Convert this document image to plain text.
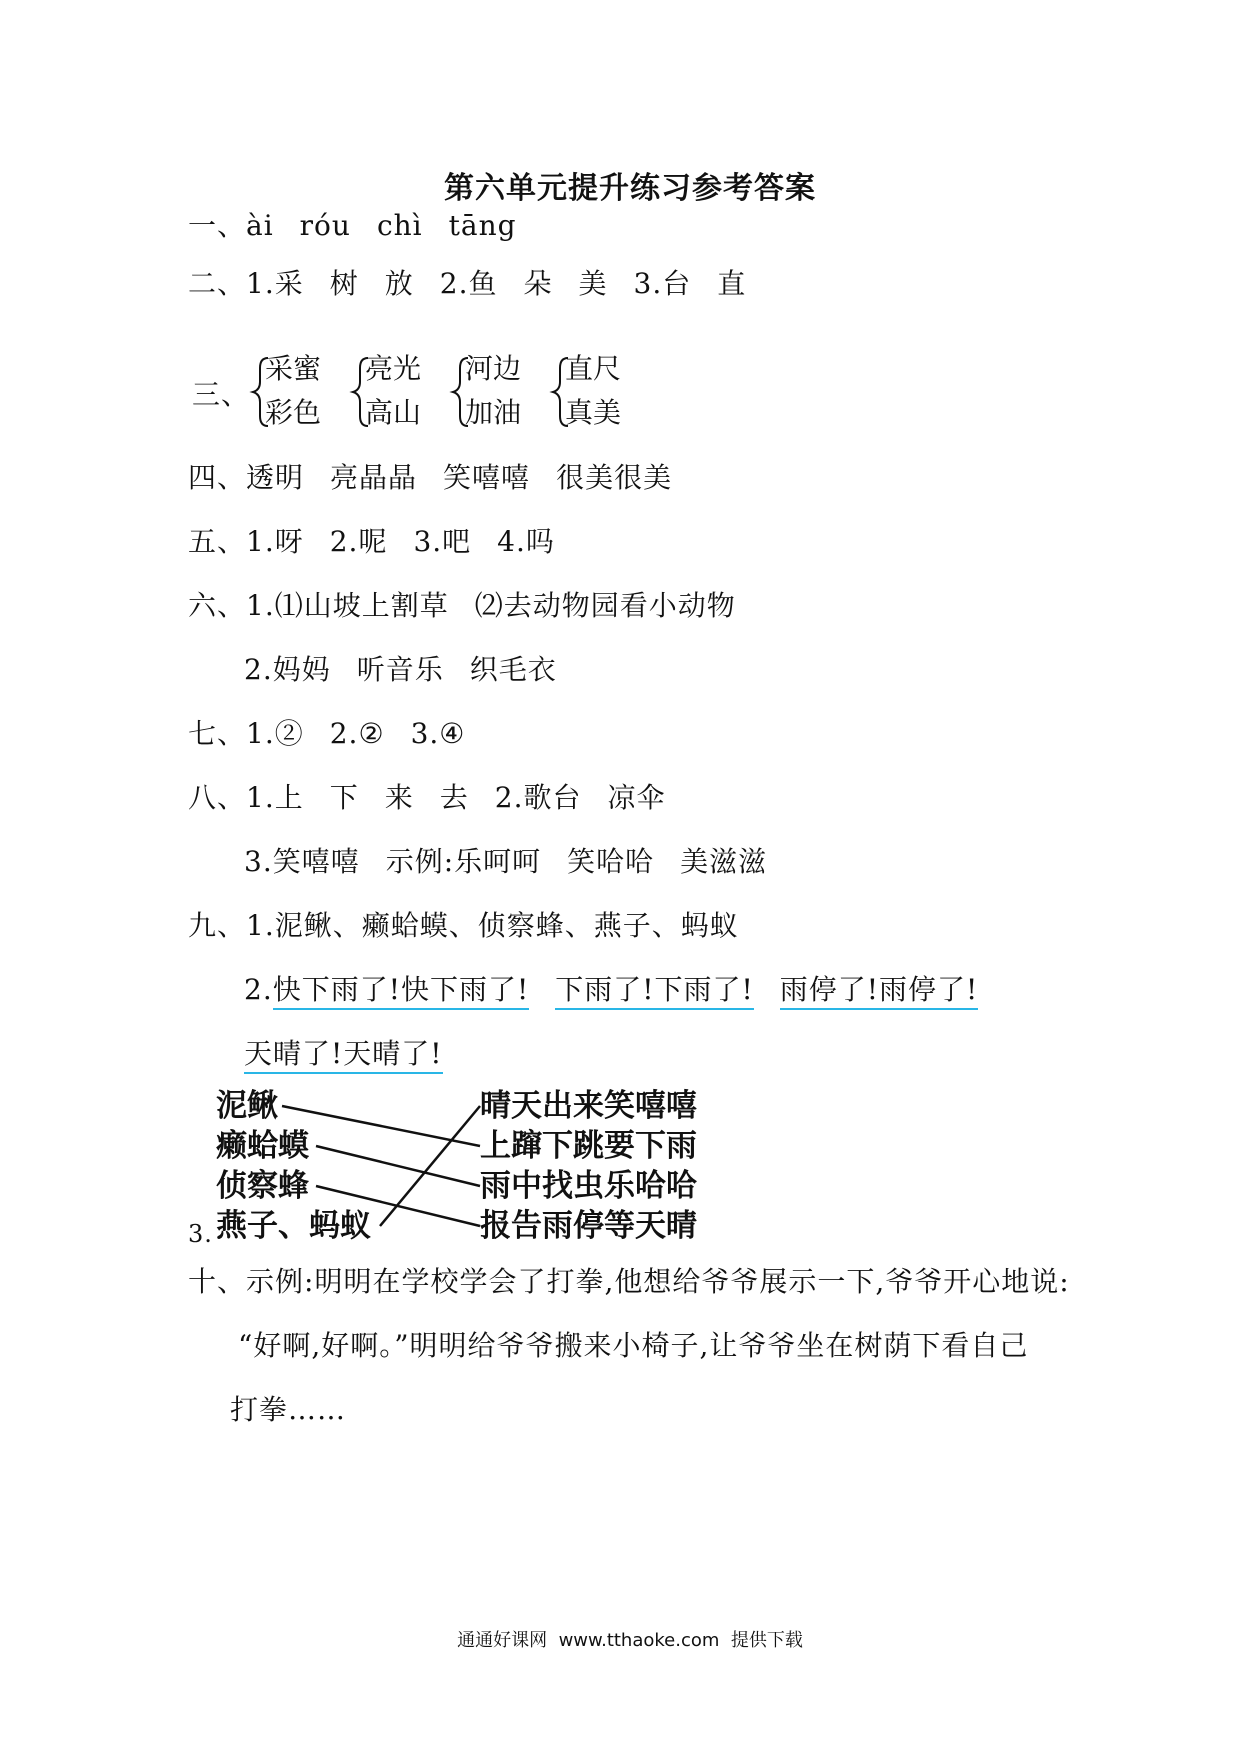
第六单元提升练习参考答案
一、ài róu chì tāng
二、1.采 树 放 2.鱼 朵 美 3.台 直
三、
采蜜
彩色
亮光
高山
河边
加油
直尺
真美
四、透明 亮晶晶 笑嘻嘻 很美很美
五、1.呀 2.呢 3.吧 4.吗
六、1.⑴山坡上割草 ⑵去动物园看小动物
2.妈妈 听音乐 织毛衣
七、1.② 2.② 3.④
八、1.上 下 来 去 2.歌台 凉伞
3.笑嘻嘻 示例:乐呵呵 笑哈哈 美滋滋
九、1.泥鳅、癞蛤蟆、侦察蜂、燕子、蚂蚁
2.快下雨了!快下雨了! 下雨了!下雨了! 雨停了!雨停了!
天晴了!天晴了!
3.
泥鳅
癞蛤蟆
侦察蜂
燕子、蚂蚁
晴天出来笑嘻嘻
上蹿下跳要下雨
雨中找虫乐哈哈
报告雨停等天晴
十、示例:明明在学校学会了打拳,他想给爷爷展示一下,爷爷开心地说:
“好啊,好啊。”明明给爷爷搬来小椅子,让爷爷坐在树荫下看自己
打拳……
通通好课网  www.tthaoke.com  提供下载
